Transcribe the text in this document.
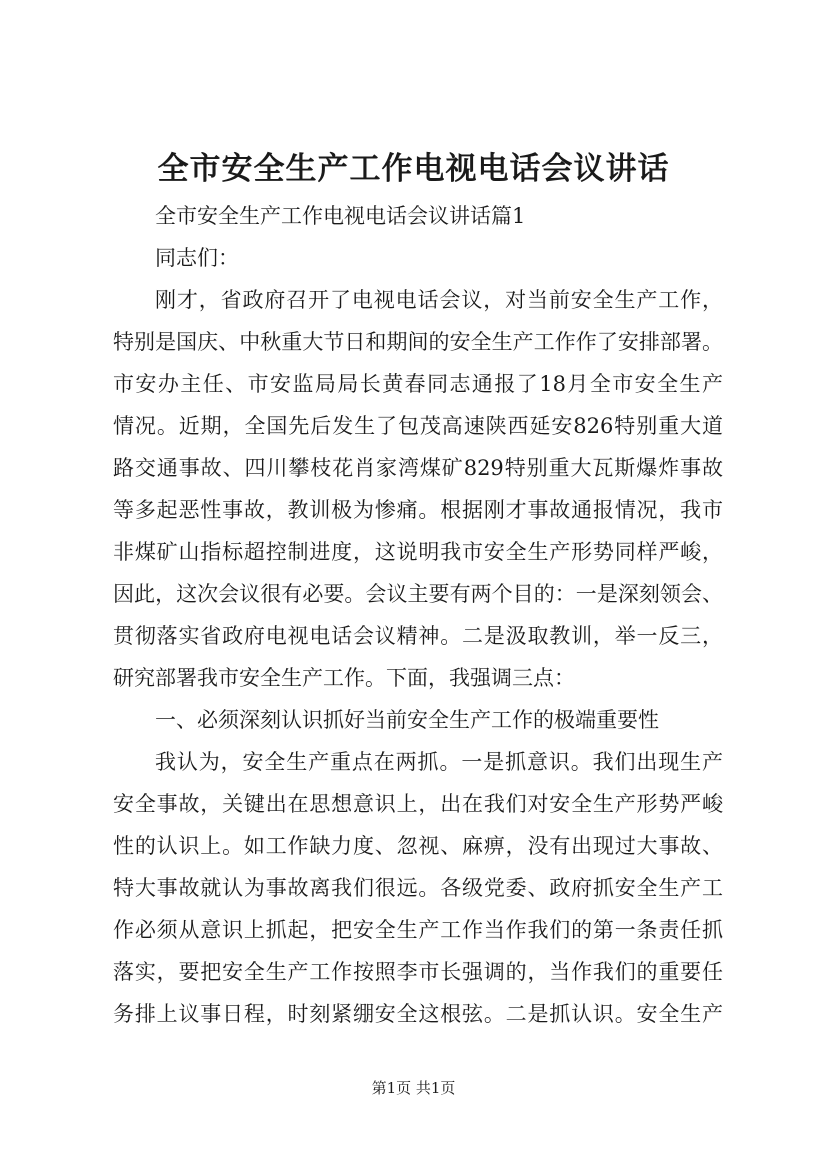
全市安全生产工作电视电话会议讲话
全市安全生产工作电视电话会议讲话篇1
同志们：
刚才，省政府召开了电视电话会议，对当前安全生产工作，
特别是国庆、中秋重大节日和期间的安全生产工作作了安排部署。
市安办主任、市安监局局长黄春同志通报了18月全市安全生产
情况。近期，全国先后发生了包茂高速陕西延安826特别重大道
路交通事故、四川攀枝花肖家湾煤矿829特别重大瓦斯爆炸事故
等多起恶性事故，教训极为惨痛。根据刚才事故通报情况，我市
非煤矿山指标超控制进度，这说明我市安全生产形势同样严峻，
因此，这次会议很有必要。会议主要有两个目的：一是深刻领会、
贯彻落实省政府电视电话会议精神。二是汲取教训，举一反三，
研究部署我市安全生产工作。下面，我强调三点：
一、必须深刻认识抓好当前安全生产工作的极端重要性
我认为，安全生产重点在两抓。一是抓意识。我们出现生产
安全事故，关键出在思想意识上，出在我们对安全生产形势严峻
性的认识上。如工作缺力度、忽视、麻痹，没有出现过大事故、
特大事故就认为事故离我们很远。各级党委、政府抓安全生产工
作必须从意识上抓起，把安全生产工作当作我们的第一条责任抓
落实，要把安全生产工作按照李市长强调的，当作我们的重要任
务排上议事日程，时刻紧绷安全这根弦。二是抓认识。安全生产
第1页 共1页
